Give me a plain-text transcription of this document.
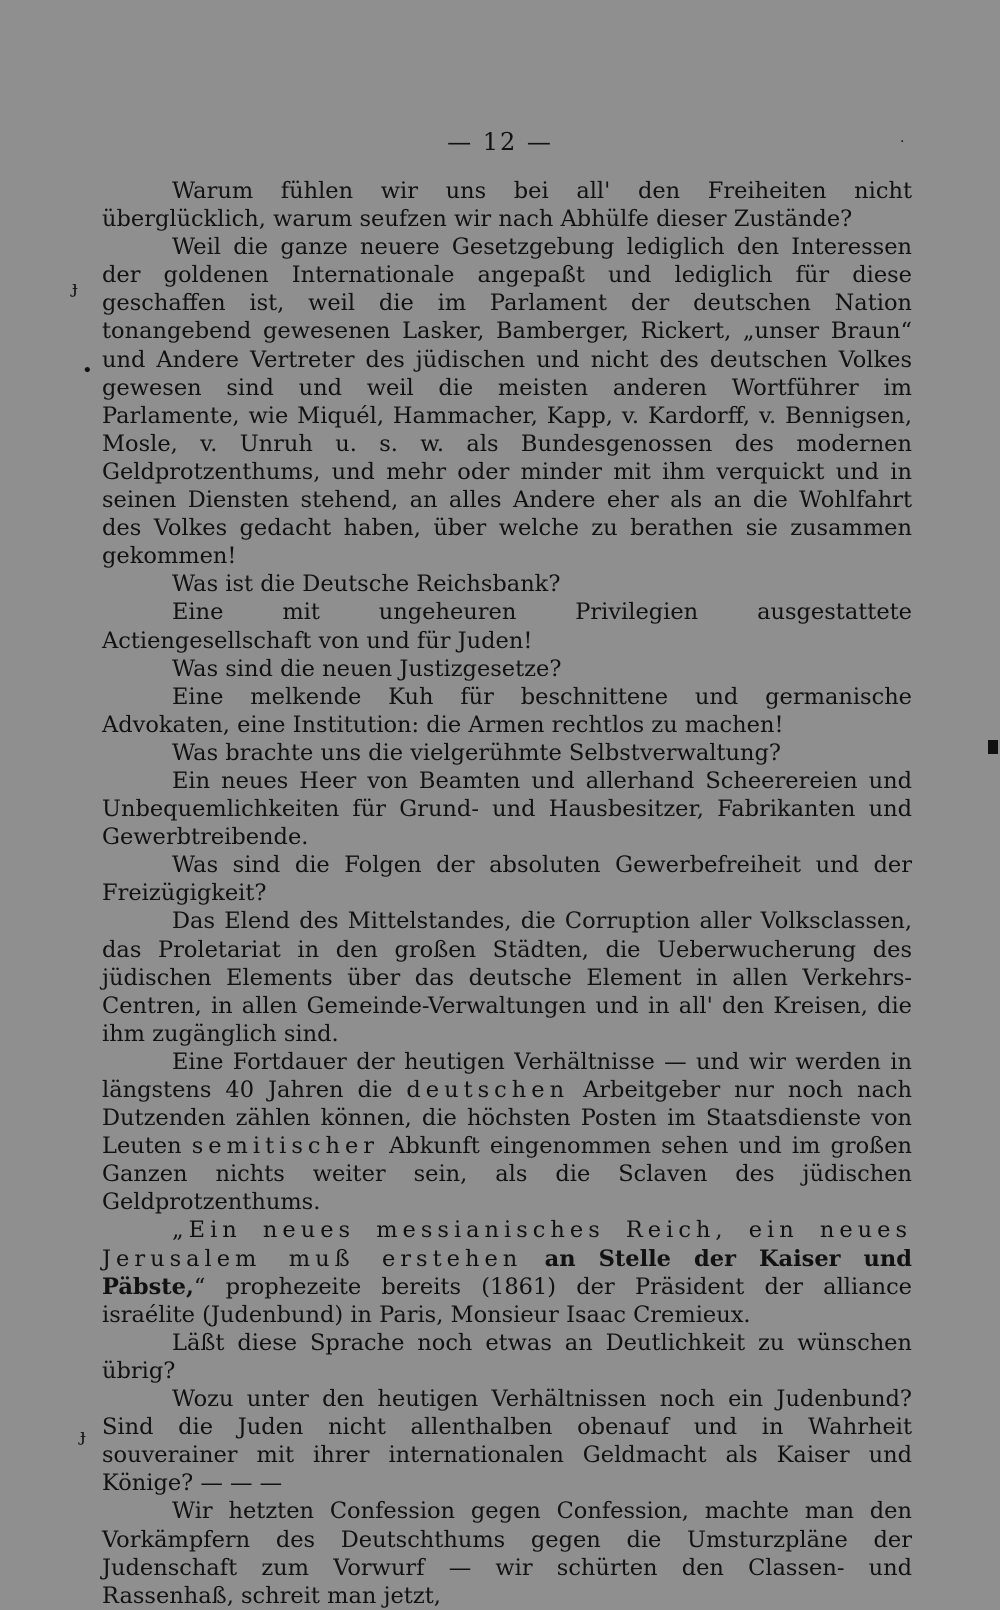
— 12 —	·
ɟ
•
ɟ

Warum fühlen wir uns bei all' den Freiheiten nicht überglücklich, warum seufzen wir nach Abhülfe dieser Zustände?

Weil die ganze neuere Gesetzgebung lediglich den Interessen der goldenen Internationale angepaßt und lediglich für diese geschaffen ist, weil die im Parlament der deutschen Nation tonangebend gewesenen Lasker, Bamberger, Rickert, „unser Braun“ und Andere Vertreter des jüdischen und nicht des deutschen Volkes gewesen sind und weil die meisten anderen Wortführer im Parlamente, wie Miquél, Hammacher, Kapp, v. Kardorff, v. Bennigsen, Mosle, v. Unruh u. s. w. als Bundesgenossen des modernen Geldprotzenthums, und mehr oder minder mit ihm verquickt und in seinen Diensten stehend, an alles Andere eher als an die Wohlfahrt des Volkes gedacht haben, über welche zu berathen sie zusammen gekommen!

Was ist die Deutsche Reichsbank?

Eine mit ungeheuren Privilegien ausgestattete Actiengesellschaft von und für Juden!

Was sind die neuen Justizgesetze?

Eine melkende Kuh für beschnittene und germanische Advokaten, eine Institution: die Armen rechtlos zu machen!

Was brachte uns die vielgerühmte Selbstverwaltung?

Ein neues Heer von Beamten und allerhand Scheerereien und Unbequemlichkeiten für Grund- und Hausbesitzer, Fabrikanten und Gewerbtreibende.

Was sind die Folgen der absoluten Gewerbefreiheit und der Freizügigkeit?

Das Elend des Mittelstandes, die Corruption aller Volksclassen, das Proletariat in den großen Städten, die Ueberwucherung des jüdischen Elements über das deutsche Element in allen Verkehrs-Centren, in allen Gemeinde-Verwaltungen und in all' den Kreisen, die ihm zugänglich sind.

Eine Fortdauer der heutigen Verhältnisse — und wir werden in längstens 40 Jahren die deutschen Arbeitgeber nur noch nach Dutzenden zählen können, die höchsten Posten im Staatsdienste von Leuten semitischer Abkunft eingenommen sehen und im großen Ganzen nichts weiter sein, als die Sclaven des jüdischen Geldprotzenthums.

„Ein neues messianisches Reich, ein neues Jerusalem muß erstehen an Stelle der Kaiser und Päbste,“ prophezeite bereits (1861) der Präsident der alliance israélite (Judenbund) in Paris, Monsieur Isaac Cremieux.

Läßt diese Sprache noch etwas an Deutlichkeit zu wünschen übrig?

Wozu unter den heutigen Verhältnissen noch ein Judenbund? Sind die Juden nicht allenthalben obenauf und in Wahrheit souverainer mit ihrer internationalen Geldmacht als Kaiser und Könige? — — —

Wir hetzten Confession gegen Confession, machte man den Vorkämpfern des Deutschthums gegen die Umsturzpläne der Judenschaft zum Vorwurf — wir schürten den Classen- und Rassenhaß, schreit man jetzt,
